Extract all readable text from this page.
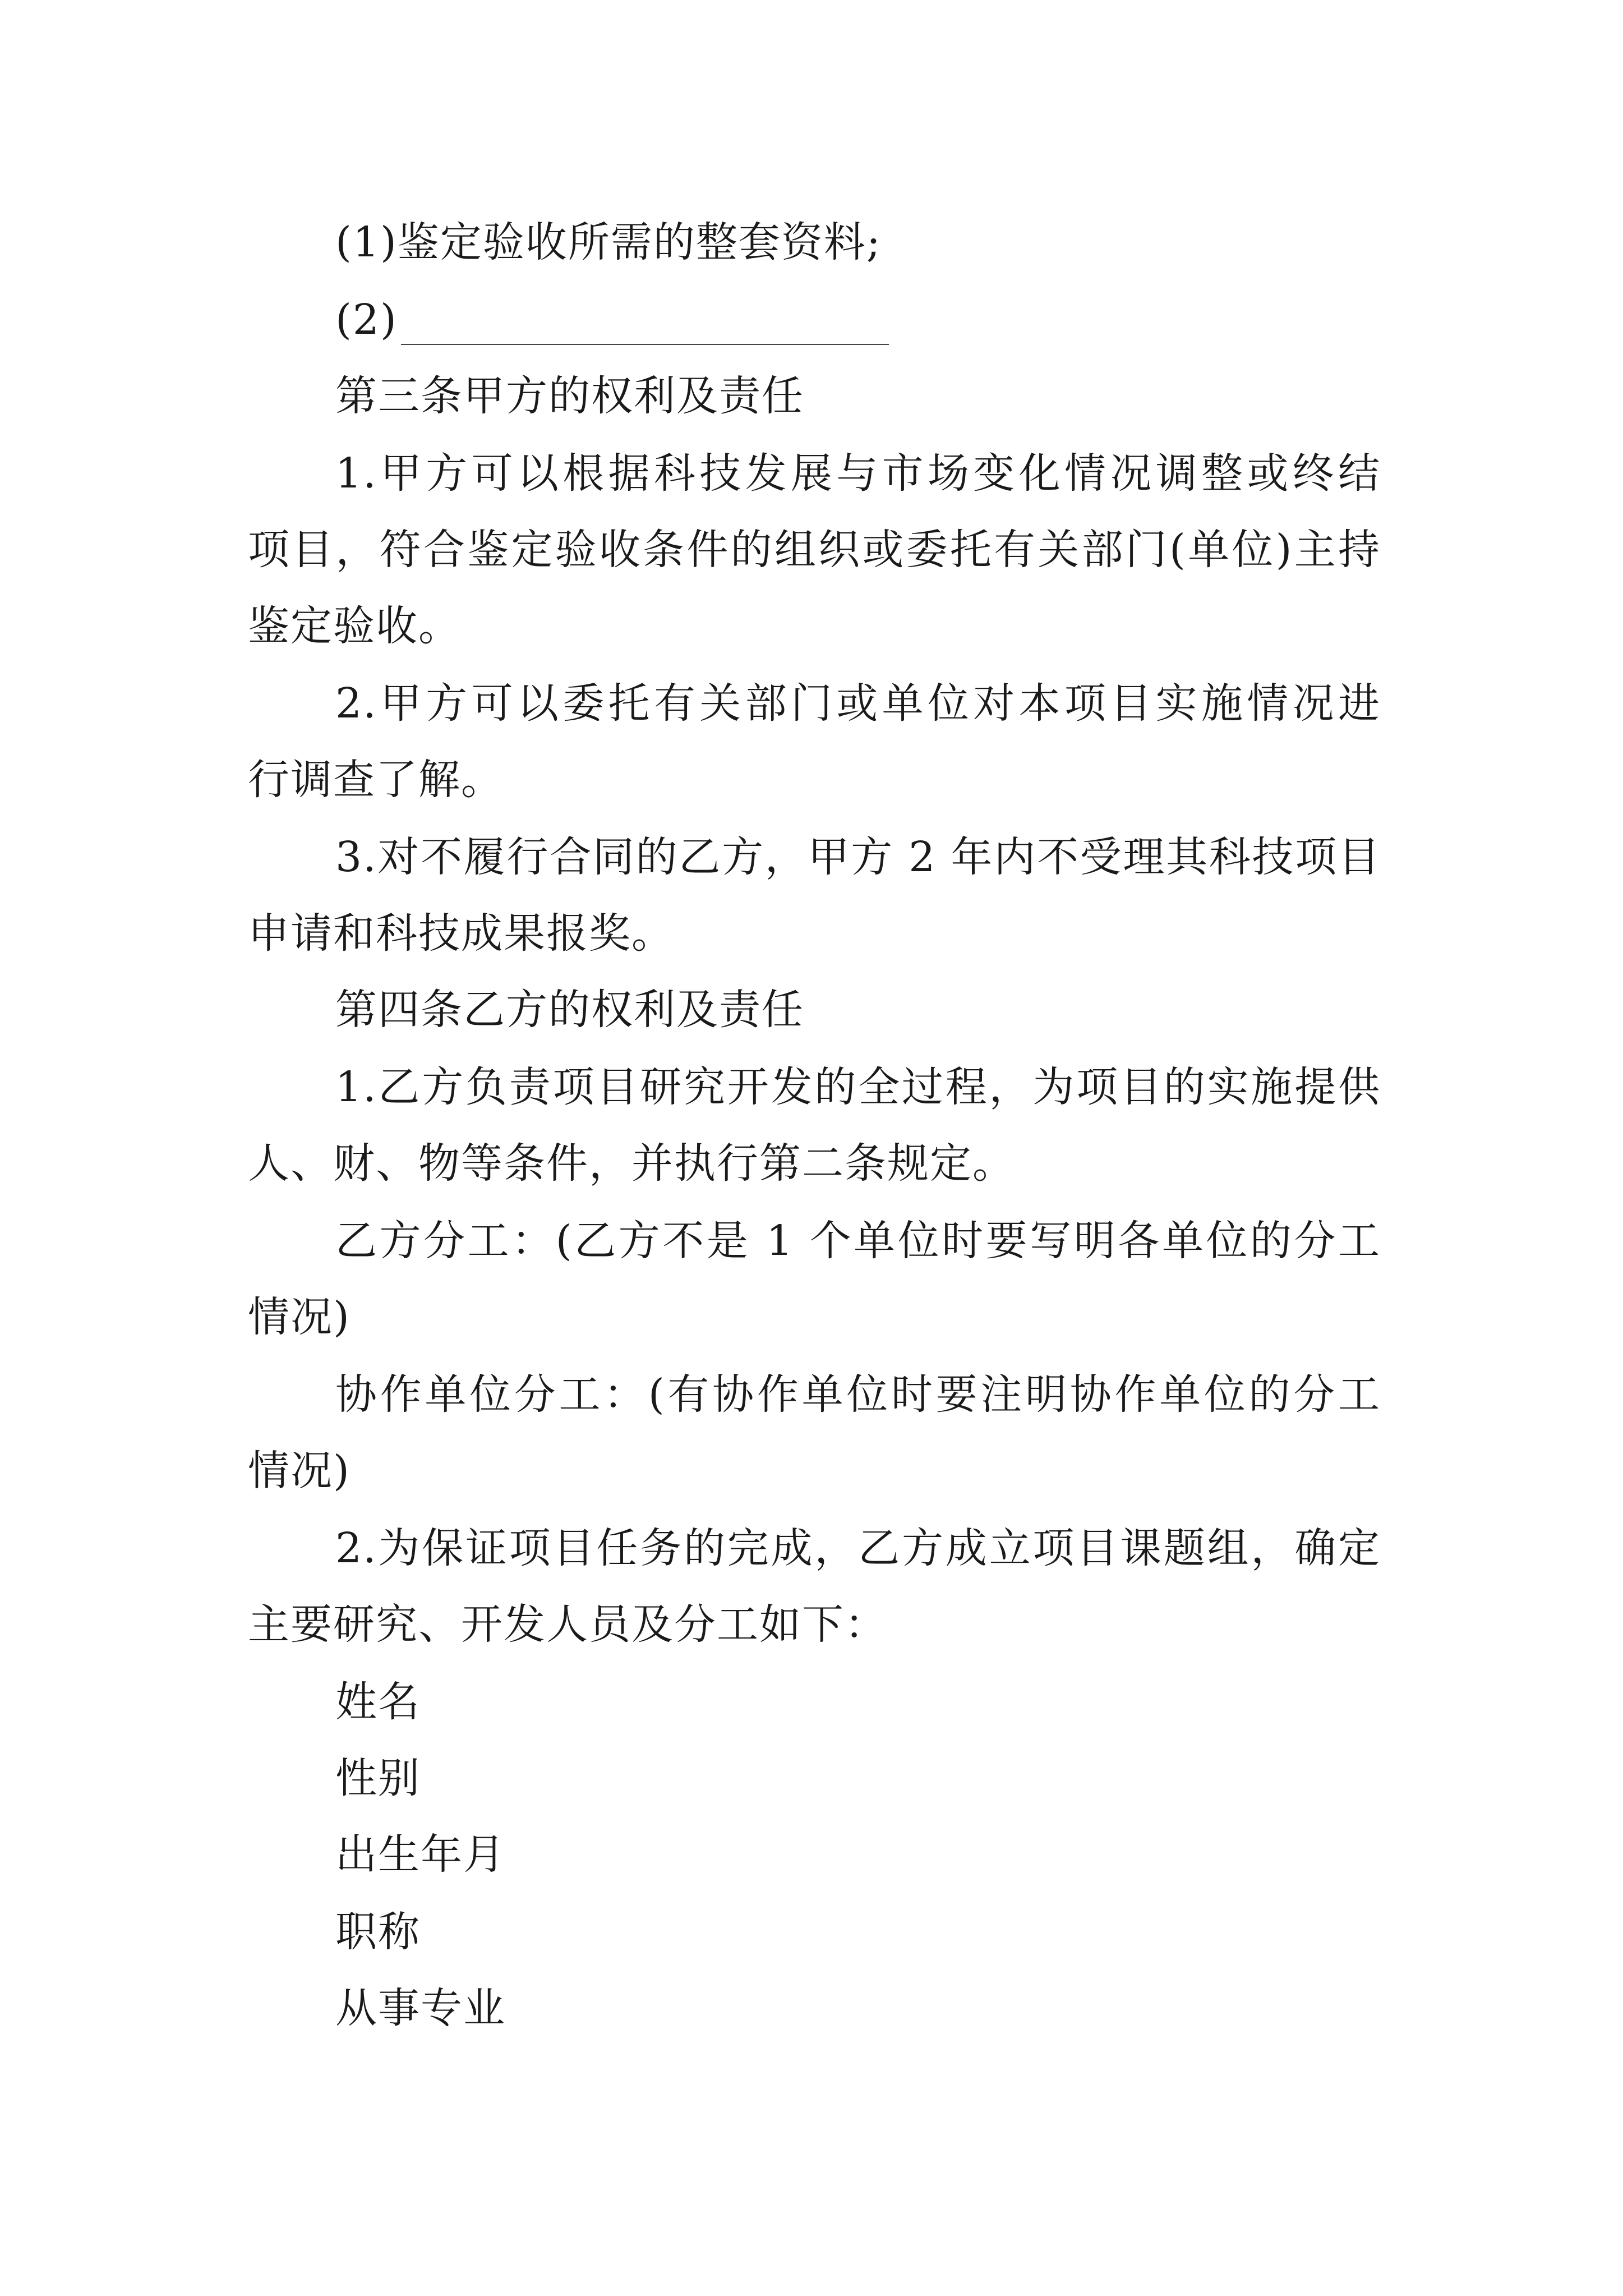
(1)鉴定验收所需的整套资料;
(2)
第三条甲方的权利及责任
1.甲方可以根据科技发展与市场变化情况调整或终结
项目，符合鉴定验收条件的组织或委托有关部门(单位)主持
鉴定验收。
2.甲方可以委托有关部门或单位对本项目实施情况进
行调查了解。
3.对不履行合同的乙方，甲方 2 年内不受理其科技项目
申请和科技成果报奖。
第四条乙方的权利及责任
1.乙方负责项目研究开发的全过程，为项目的实施提供
人、财、物等条件，并执行第二条规定。
乙方分工：(乙方不是 1 个单位时要写明各单位的分工
情况)
协作单位分工：(有协作单位时要注明协作单位的分工
情况)
2.为保证项目任务的完成，乙方成立项目课题组，确定
主要研究、开发人员及分工如下：
姓名
性别
出生年月
职称
从事专业
